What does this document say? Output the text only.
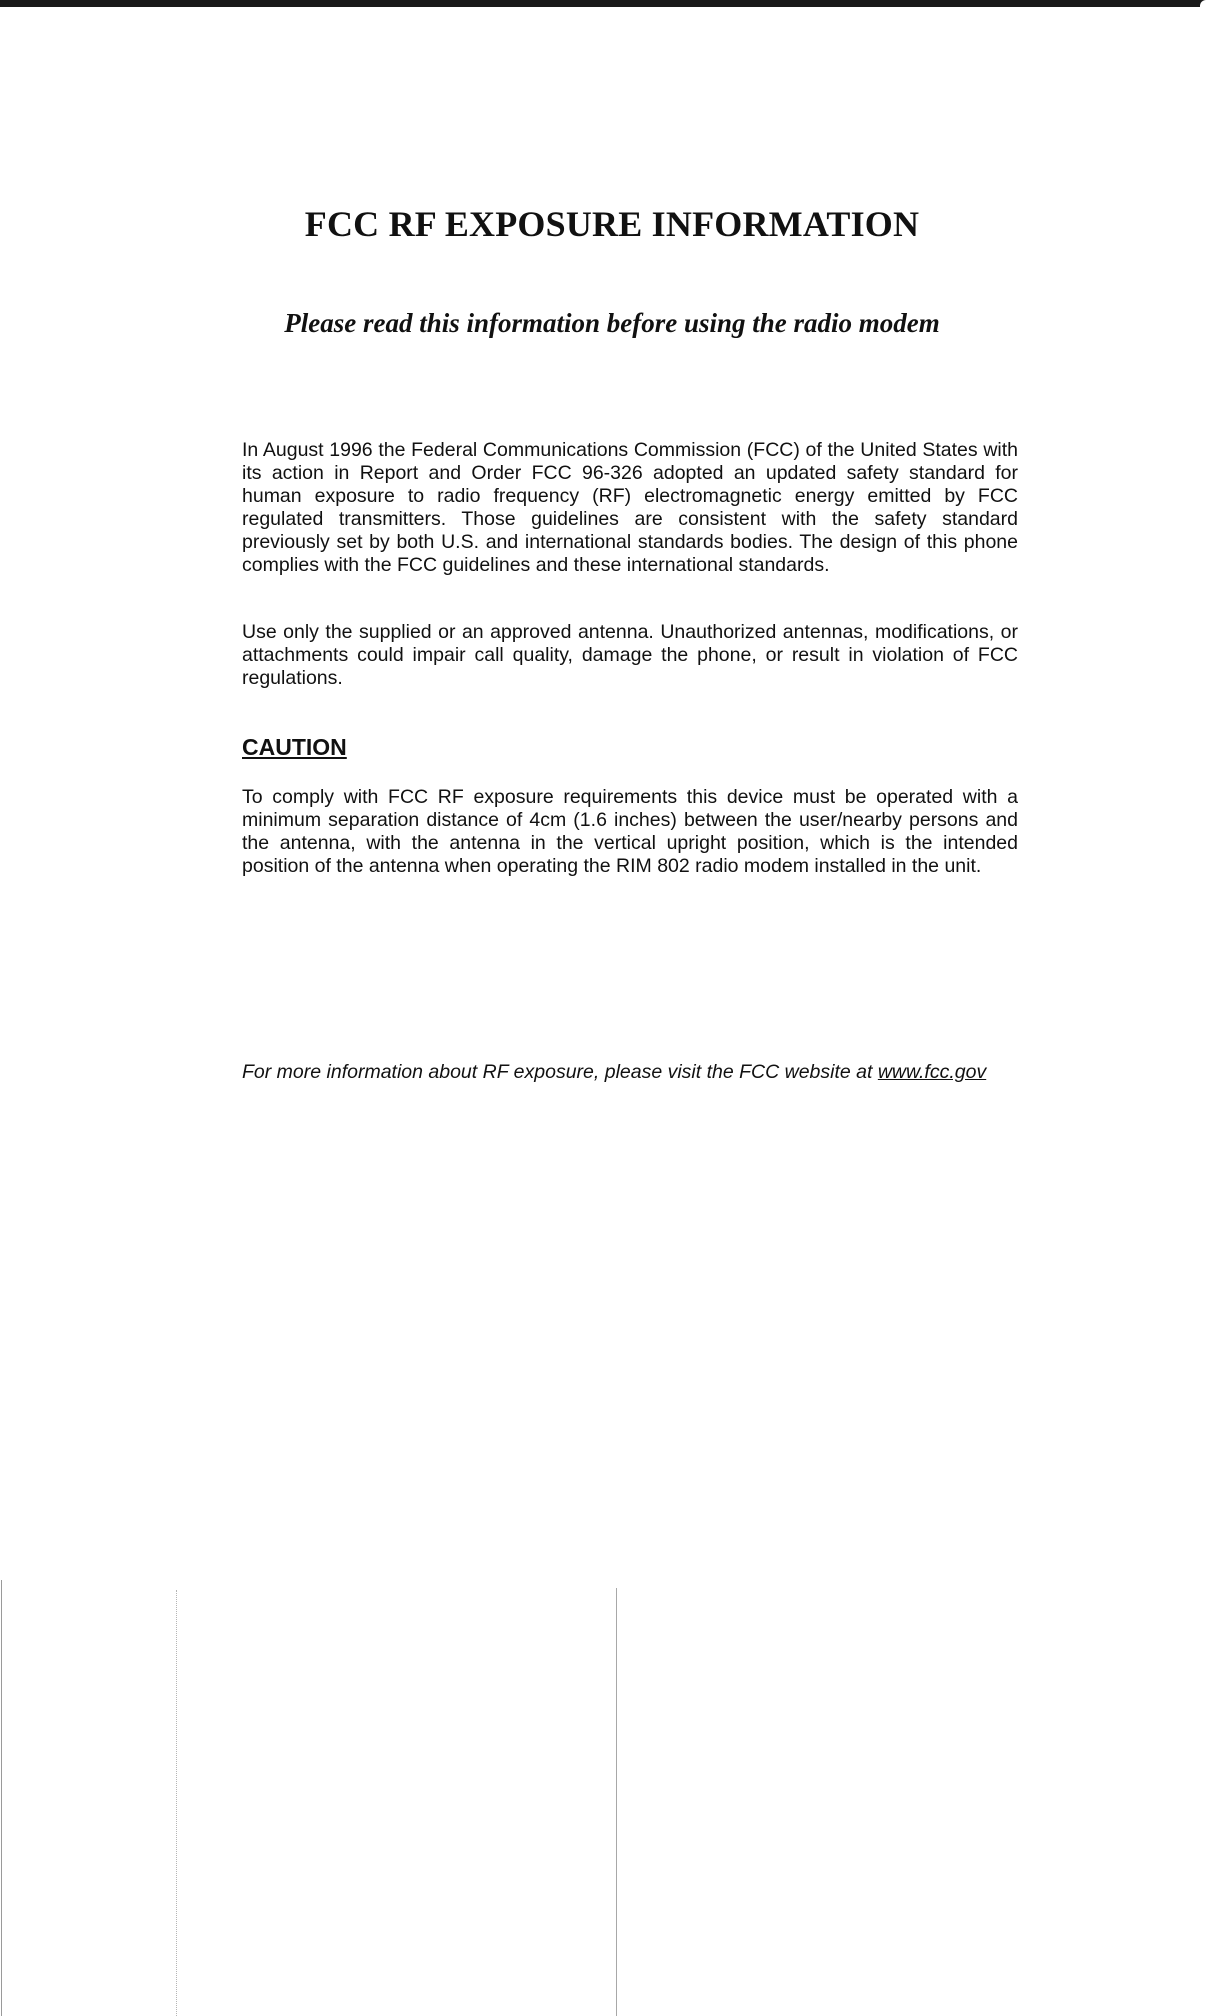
FCC RF EXPOSURE INFORMATION
Please read this information before using the radio modem

In August 1996 the Federal Communications Commission (FCC) of the United States with its action in Report and Order FCC 96-326 adopted an updated safety standard for human exposure to radio frequency (RF) electromagnetic energy emitted by FCC regulated transmitters. Those guidelines are consistent with the safety standard previously set by both U.S. and international standards bodies. The design of this phone complies with the FCC guidelines and these international standards.

Use only the supplied or an approved antenna. Unauthorized antennas, modifications, or attachments could impair call quality, damage the phone, or result in violation of FCC regulations.

CAUTION

To comply with FCC RF exposure requirements this device must be operated with a minimum separation distance of 4cm (1.6 inches) between the user/nearby persons and the antenna, with the antenna in the vertical upright position, which is the intended position of the antenna when operating the RIM 802 radio modem installed in the unit.

For more information about RF exposure, please visit the FCC website at www.fcc.gov
